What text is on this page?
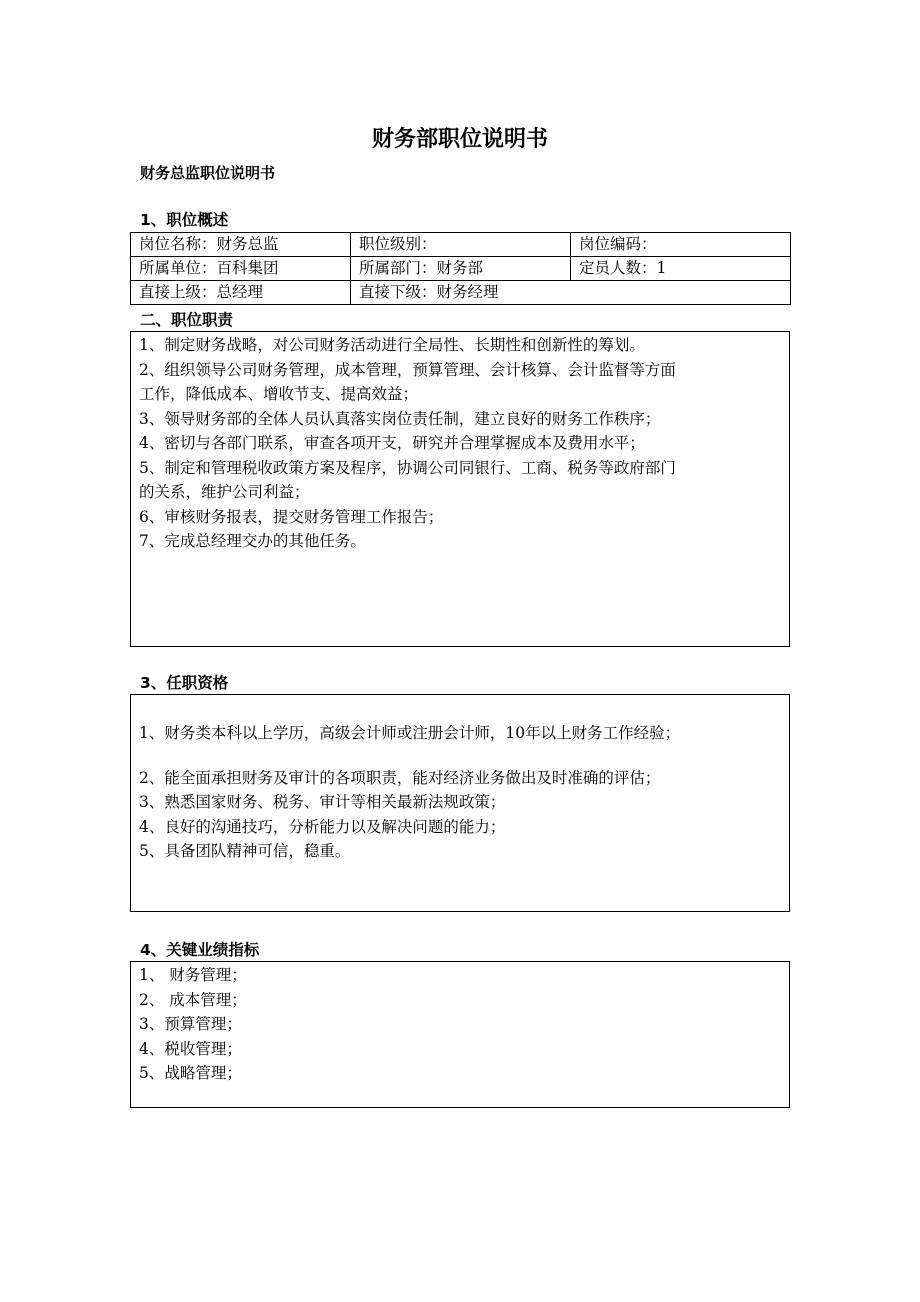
财务部职位说明书
财务总监职位说明书
1、职位概述
岗位名称：财务总监	职位级别：	岗位编码：
所属单位：百科集团	所属部门：财务部	定员人数：1
直接上级：总经理	直接下级：财务经理	
二、职位职责
1、制定财务战略，对公司财务活动进行全局性、长期性和创新性的筹划。
2、组织领导公司财务管理，成本管理，预算管理、会计核算、会计监督等方面
工作，降低成本、增收节支、提高效益；
3、领导财务部的全体人员认真落实岗位责任制，建立良好的财务工作秩序；
4、密切与各部门联系，审查各项开支，研究并合理掌握成本及费用水平；
5、制定和管理税收政策方案及程序，协调公司同银行、工商、税务等政府部门
的关系，维护公司利益；
6、审核财务报表，提交财务管理工作报告；
7、完成总经理交办的其他任务。
3、任职资格
1、财务类本科以上学历，高级会计师或注册会计师，10年以上财务工作经验；
2、能全面承担财务及审计的各项职责，能对经济业务做出及时准确的评估；
3、熟悉国家财务、税务、审计等相关最新法规政策；
4、良好的沟通技巧，分析能力以及解决问题的能力；
5、具备团队精神可信，稳重。
4、关键业绩指标
1、 财务管理；
2、 成本管理；
3、预算管理；
4、税收管理；
5、战略管理；
